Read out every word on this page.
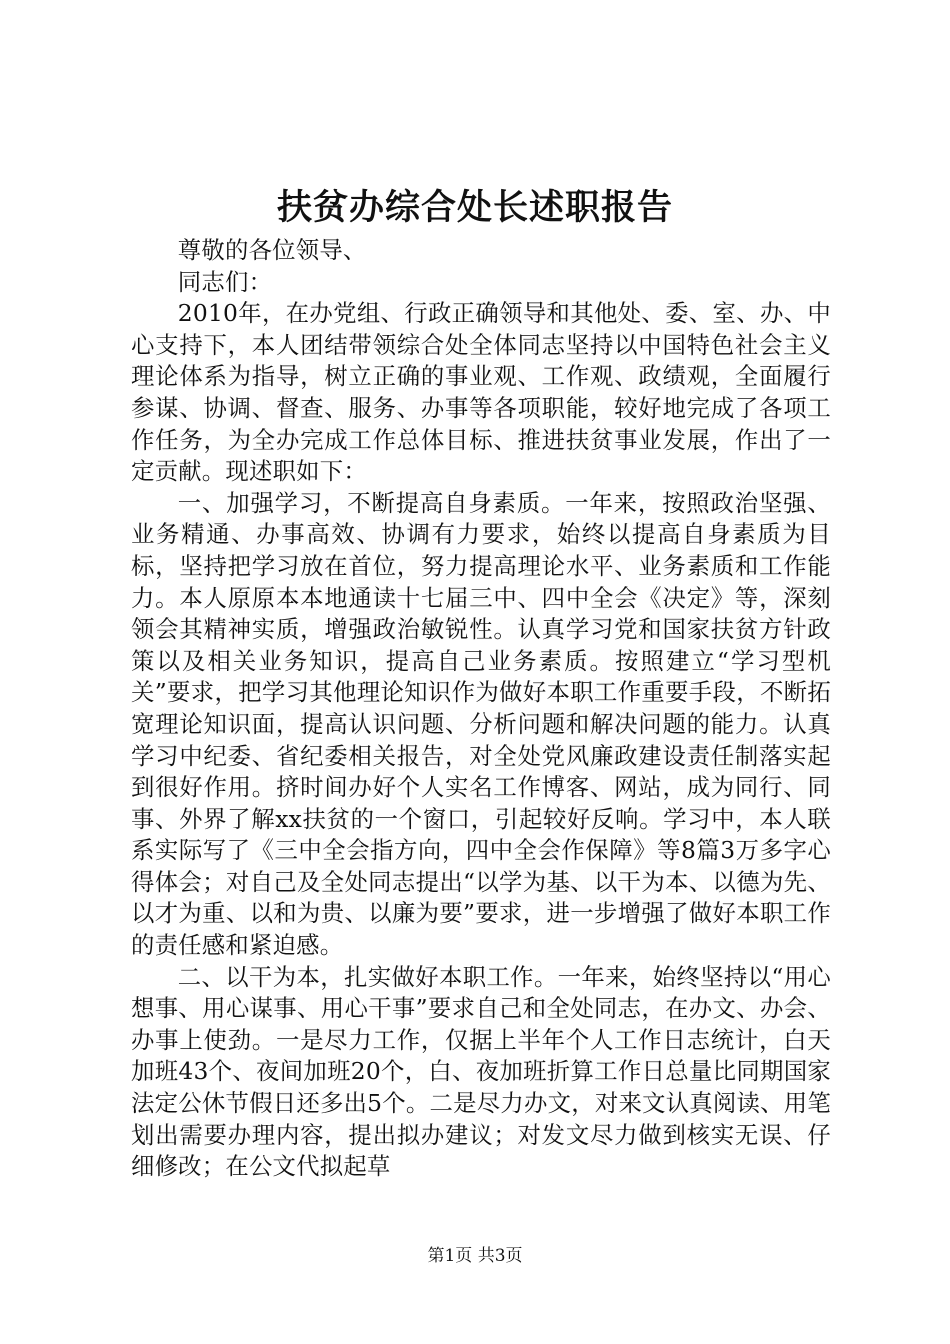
扶贫办综合处长述职报告

尊敬的各位领导、

同志们：

2010年，在办党组、行政正确领导和其他处、委、室、办、中心支持下，本人团结带领综合处全体同志坚持以中国特色社会主义理论体系为指导，树立正确的事业观、工作观、政绩观，全面履行参谋、协调、督查、服务、办事等各项职能，较好地完成了各项工作任务，为全办完成工作总体目标、推进扶贫事业发展，作出了一定贡献。现述职如下：

一、加强学习，不断提高自身素质。一年来，按照政治坚强、业务精通、办事高效、协调有力要求，始终以提高自身素质为目标，坚持把学习放在首位，努力提高理论水平、业务素质和工作能力。本人原原本本地通读十七届三中、四中全会《决定》等，深刻领会其精神实质，增强政治敏锐性。认真学习党和国家扶贫方针政策以及相关业务知识，提高自己业务素质。按照建立“学习型机关”要求，把学习其他理论知识作为做好本职工作重要手段，不断拓宽理论知识面，提高认识问题、分析问题和解决问题的能力。认真学习中纪委、省纪委相关报告，对全处党风廉政建设责任制落实起到很好作用。挤时间办好个人实名工作博客、网站，成为同行、同事、外界了解xx扶贫的一个窗口，引起较好反响。学习中，本人联系实际写了《三中全会指方向，四中全会作保障》等8篇3万多字心得体会；对自己及全处同志提出“以学为基、以干为本、以德为先、以才为重、以和为贵、以廉为要”要求，进一步增强了做好本职工作的责任感和紧迫感。

二、以干为本，扎实做好本职工作。一年来，始终坚持以“用心想事、用心谋事、用心干事”要求自己和全处同志，在办文、办会、办事上使劲。一是尽力工作，仅据上半年个人工作日志统计，白天加班43个、夜间加班20个，白、夜加班折算工作日总量比同期国家法定公休节假日还多出5个。二是尽力办文，对来文认真阅读、用笔划出需要办理内容，提出拟办建议；对发文尽力做到核实无误、仔细修改；在公文代拟起草

第1页 共3页
